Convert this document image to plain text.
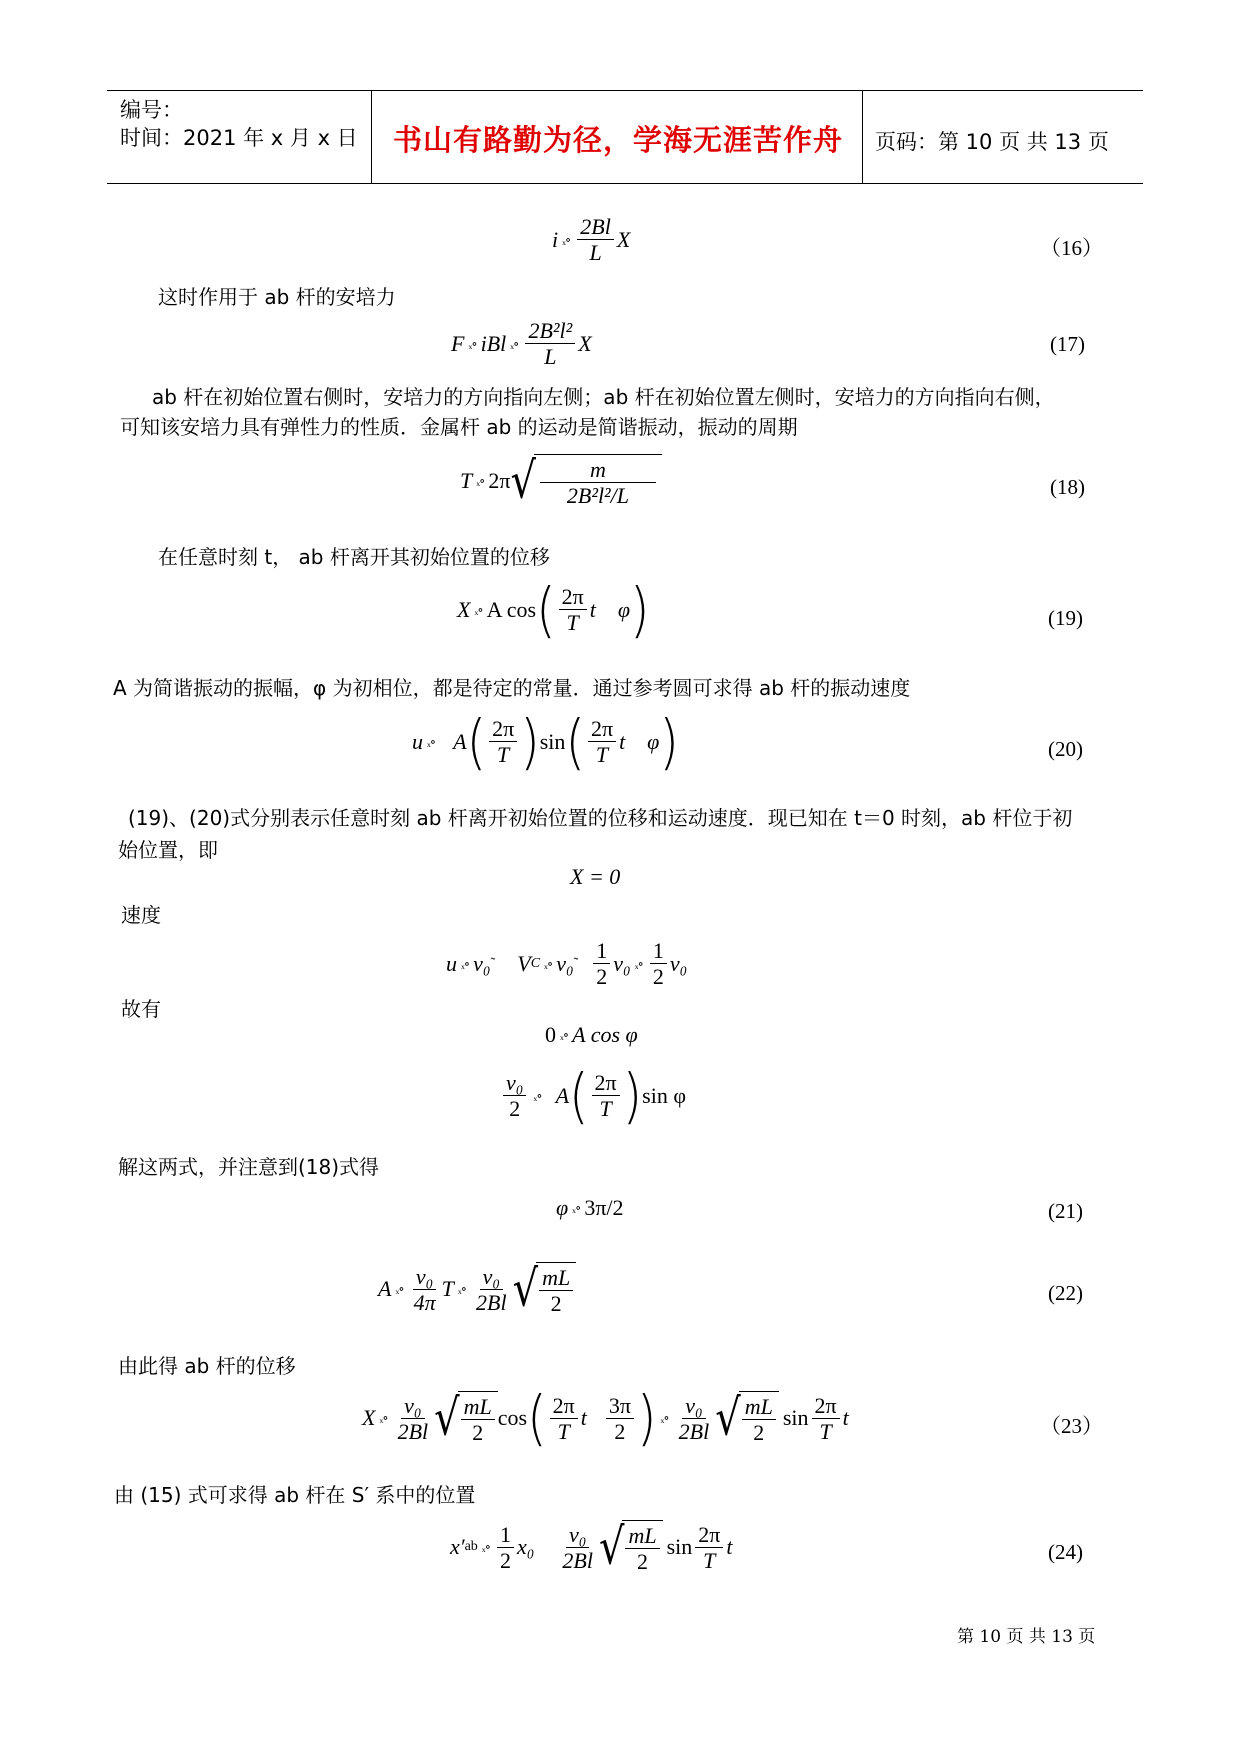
编号：
时间：2021 年 x 月 x 日	书山有路勤为径，学海无涯苦作舟	页码：第 10 页 共 13 页
i ₓ∘ $\frac{2Bl}{L}$ X	（16）
这时作用于 ab 杆的安培力
F ₓ∘ iBl ₓ∘ $\frac{\text{2B²l²}}{L}$ X	(17)
ab 杆在初始位置右侧时，安培力的方向指向左侧；ab 杆在初始位置左侧时，安培力的方向指向右侧，
可知该安培力具有弹性力的性质．金属杆 ab 的运动是简谐振动，振动的周期
T ₓ∘ 2π √ $\frac{m}{\text{2B²l²/L}}$	(18)
在任意时刻 t， ab 杆离开其初始位置的位移
X ₓ∘ A cos ( $\frac{2\pi}{T}$ t    φ )	(19)
A 为简谐振动的振幅，φ 为初相位，都是待定的常量．通过参考圆可求得 ab 杆的振动速度
u ₓ∘ A ( $\frac{2\pi}{T}$ ) sin ( $\frac{2\pi}{T}$ t    φ )	(20)
(19)、(20)式分别表示任意时刻 ab 杆离开初始位置的位移和运动速度．现已知在 t＝0 时刻，ab 杆位于初
始位置，即
X = 0
速度
u ₓ∘ v₀ ˜ V C ₓ∘ v₀ ˜ $\frac{1}{2} v_0$ ₓ∘ $\frac{1}{2} v_0$
故有
0 ₓ∘ A cos φ
$\frac{\text{v₀}}{2}$ ₓ∘ A ( $\frac{2\pi}{T}$ ) sin φ
解这两式，并注意到(18)式得
φ ₓ∘ 3π/2	(21)
A ₓ∘ $\frac{\text{v₀}}{4\pi}$ T ₓ∘ $\frac{\text{v₀}}{2Bl}$ √ $\frac{mL}{2}$	(22)
由此得 ab 杆的位移
X ₓ∘ $\frac{\text{v₀}}{2Bl}$ √ $\frac{mL}{2}$ cos ( $\frac{2\pi}{T}$ t $\frac{3\pi}{2}$ ) ₓ∘ $\frac{\text{v₀}}{2Bl}$ √ $\frac{mL}{2}$ $\sin \frac{2\pi}{T}$ t	（23）
由 (15) 式可求得 ab 杆在 S′ 系中的位置
x′ ab ₓ∘ $\frac{1}{2} x_0 \frac{\text{v₀}}{2Bl}$ √ $\frac{mL}{2}$ $\sin \frac{2\pi}{T}$ t	(24)
第 10 页 共 13 页
